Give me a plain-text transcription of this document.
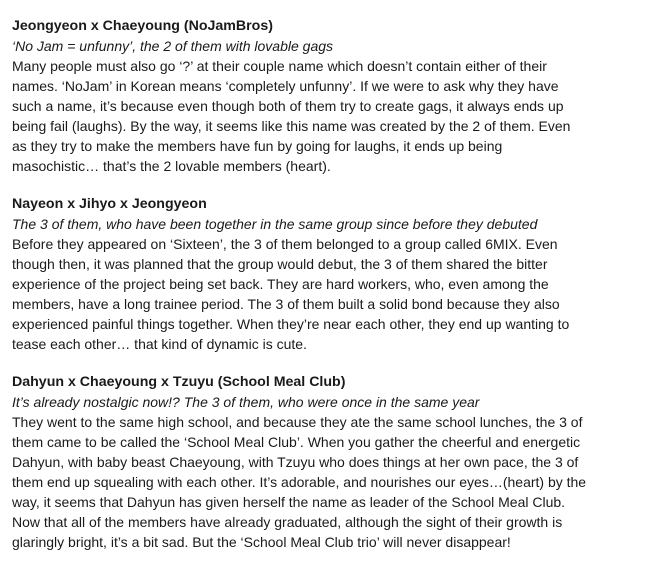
Jeongyeon x Chaeyoung (NoJamBros)

‘No Jam = unfunny’, the 2 of them with lovable gags

Many people must also go ‘?’ at their couple name which doesn’t contain either of their
names. ‘NoJam’ in Korean means ‘completely unfunny’. If we were to ask why they have
such a name, it’s because even though both of them try to create gags, it always ends up
being fail (laughs). By the way, it seems like this name was created by the 2 of them. Even
as they try to make the members have fun by going for laughs, it ends up being
masochistic… that’s the 2 lovable members (heart).

Nayeon x Jihyo x Jeongyeon

The 3 of them, who have been together in the same group since before they debuted

Before they appeared on ‘Sixteen’, the 3 of them belonged to a group called 6MIX. Even
though then, it was planned that the group would debut, the 3 of them shared the bitter
experience of the project being set back. They are hard workers, who, even among the
members, have a long trainee period. The 3 of them built a solid bond because they also
experienced painful things together. When they’re near each other, they end up wanting to
tease each other… that kind of dynamic is cute.

Dahyun x Chaeyoung x Tzuyu (School Meal Club)

It’s already nostalgic now!? The 3 of them, who were once in the same year

They went to the same high school, and because they ate the same school lunches, the 3 of
them came to be called the ‘School Meal Club’. When you gather the cheerful and energetic
Dahyun, with baby beast Chaeyoung, with Tzuyu who does things at her own pace, the 3 of
them end up squealing with each other. It’s adorable, and nourishes our eyes…(heart) by the
way, it seems that Dahyun has given herself the name as leader of the School Meal Club.
Now that all of the members have already graduated, although the sight of their growth is
glaringly bright, it’s a bit sad. But the ‘School Meal Club trio’ will never disappear!
